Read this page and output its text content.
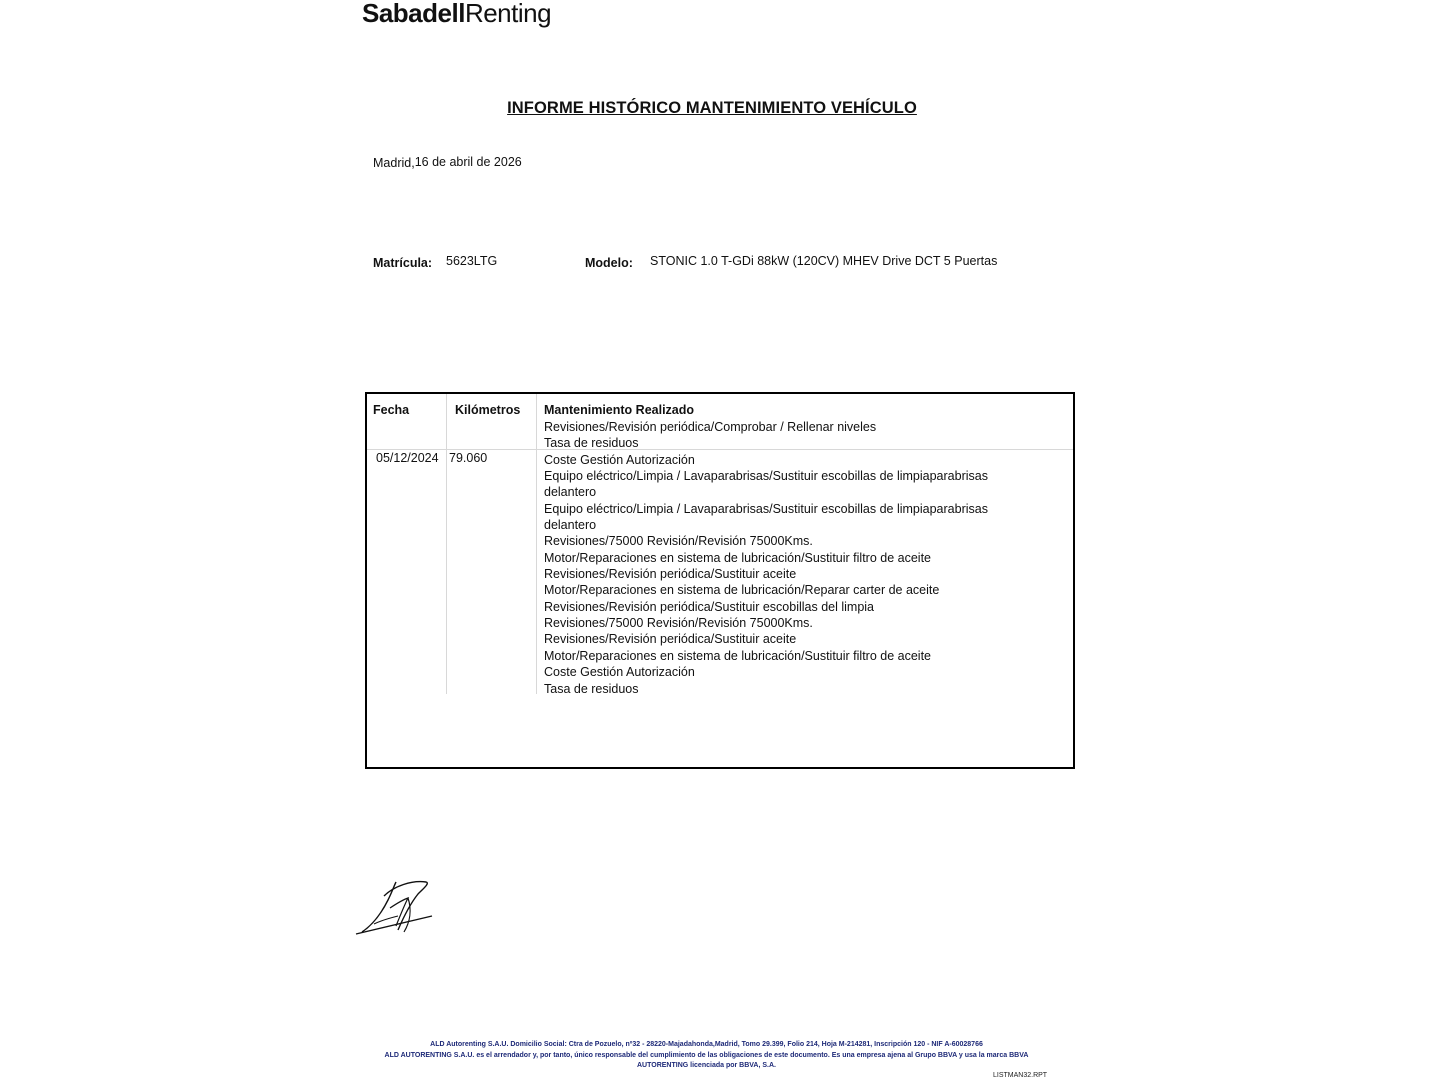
SabadellRenting
INFORME HISTÓRICO MANTENIMIENTO VEHÍCULO
Madrid,16 de abril de 2026
Matrícula: 5623LTG	Modelo: STONIC 1.0 T-GDi 88kW (120CV) MHEV Drive DCT 5 Puertas
Fecha	Kilómetros Mantenimiento Realizado
05/12/2024 79.060
Revisiones/Revisión periódica/Comprobar / Rellenar niveles
Tasa de residuos
Coste Gestión Autorización
Equipo eléctrico/Limpia / Lavaparabrisas/Sustituir escobillas de limpiaparabrisas delantero
Equipo eléctrico/Limpia / Lavaparabrisas/Sustituir escobillas de limpiaparabrisas delantero
Revisiones/75000 Revisión/Revisión 75000Kms.
Motor/Reparaciones en sistema de lubricación/Sustituir filtro de aceite
Revisiones/Revisión periódica/Sustituir aceite
Motor/Reparaciones en sistema de lubricación/Reparar carter de aceite
Revisiones/Revisión periódica/Sustituir escobillas del limpia
Revisiones/75000 Revisión/Revisión 75000Kms.
Revisiones/Revisión periódica/Sustituir aceite
Motor/Reparaciones en sistema de lubricación/Sustituir filtro de aceite
Coste Gestión Autorización
Tasa de residuos
ALD Autorenting S.A.U. Domicilio Social: Ctra de Pozuelo, nº32 - 28220-Majadahonda,Madrid, Tomo 29.399, Folio 214, Hoja M-214281, Inscripción 120 - NIF A-60028766
ALD AUTORENTING S.A.U. es el arrendador y, por tanto, único responsable del cumplimiento de las obligaciones de este documento. Es una empresa ajena al Grupo BBVA y usa la marca BBVA
AUTORENTING licenciada por BBVA, S.A.
LISTMAN32.RPT
